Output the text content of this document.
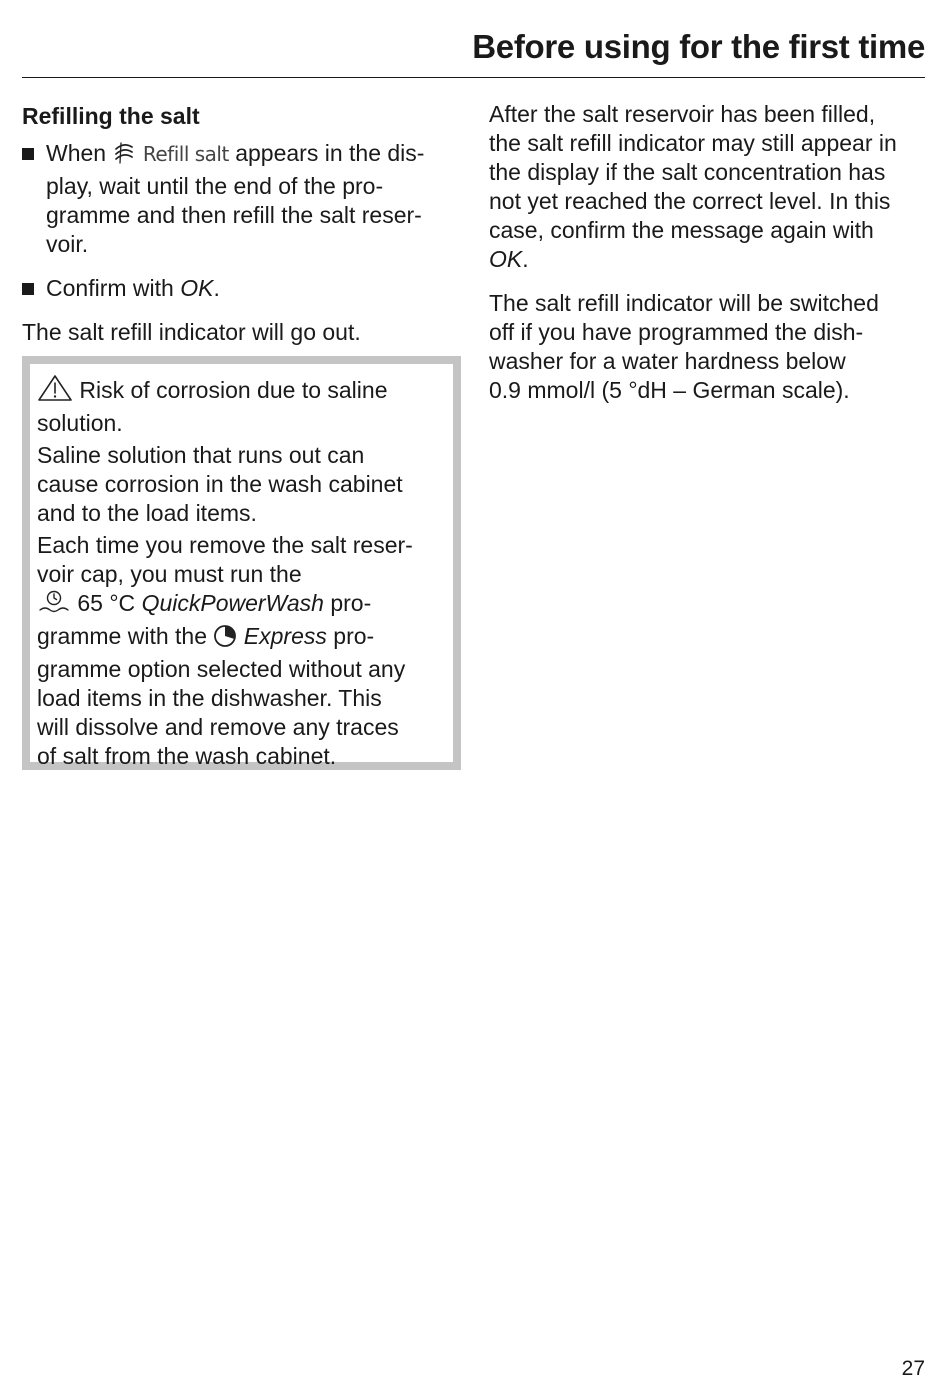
Before using for the first time
Refilling the salt
When Refill salt appears in the dis-
play, wait until the end of the pro-
gramme and then refill the salt reser-
voir.
Confirm with OK.
The salt refill indicator will go out.
Risk of corrosion due to saline
solution.
Saline solution that runs out can
cause corrosion in the wash cabinet
and to the load items.
Each time you remove the salt reser-
voir cap, you must run the
65 °C QuickPowerWash pro-
gramme with the Express pro-
gramme option selected without any
load items in the dishwasher. This
will dissolve and remove any traces
of salt from the wash cabinet.
After the salt reservoir has been filled,
the salt refill indicator may still appear in
the display if the salt concentration has
not yet reached the correct level. In this
case, confirm the message again with
OK.
The salt refill indicator will be switched
off if you have programmed the dish-
washer for a water hardness below
0.9 mmol/l (5 °dH – German scale).
27
